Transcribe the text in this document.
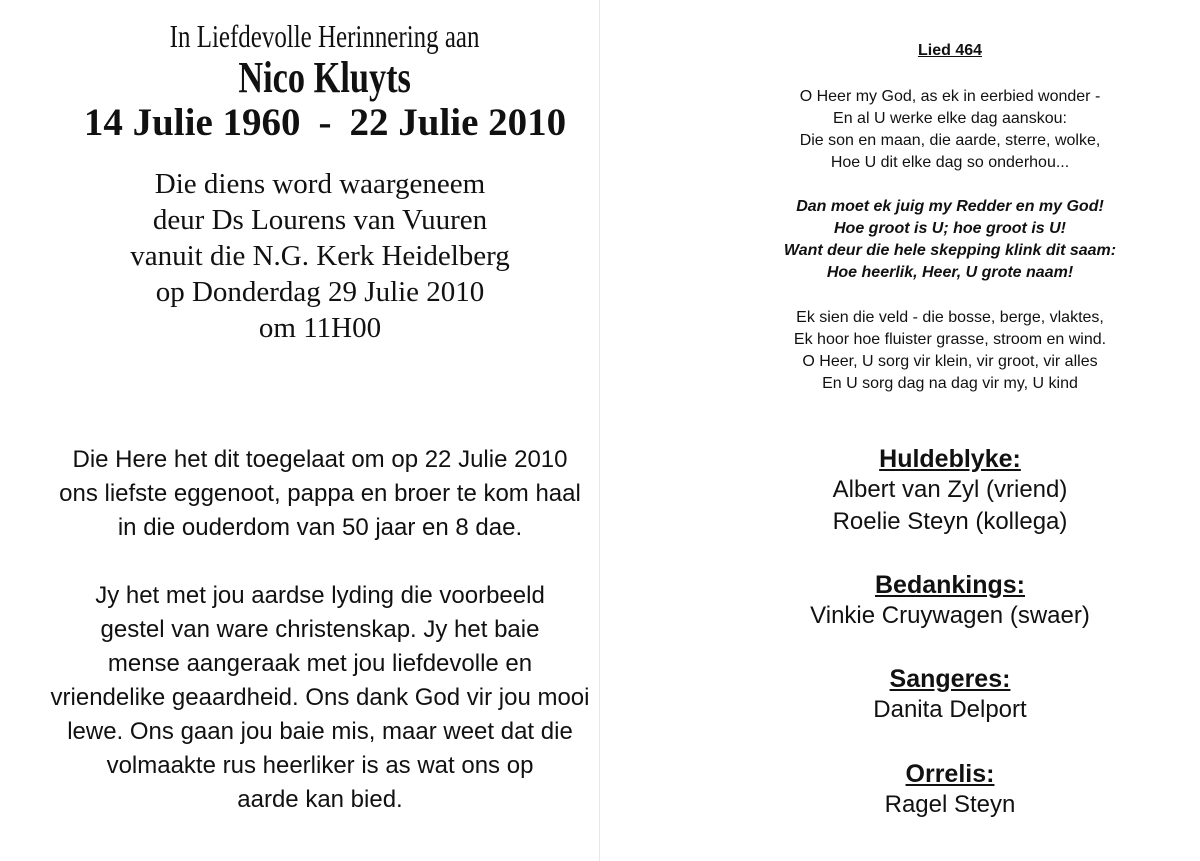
In Liefdevolle Herinnering aan
Nico Kluyts
14 Julie 1960 - 22 Julie 2010
Die diens word waargeneem
deur Ds Lourens van Vuuren
vanuit die N.G. Kerk Heidelberg
op Donderdag 29 Julie 2010
om 11H00
Die Here het dit toegelaat om op 22 Julie 2010
ons liefste eggenoot, pappa en broer te kom haal
in die ouderdom van 50 jaar en 8 dae.
Jy het met jou aardse lyding die voorbeeld
gestel van ware christenskap. Jy het baie
mense aangeraak met jou liefdevolle en
vriendelike geaardheid. Ons dank God vir jou mooi
lewe. Ons gaan jou baie mis, maar weet dat die
volmaakte rus heerliker is as wat ons op
aarde kan bied.
Lied 464
O Heer my God, as ek in eerbied wonder -
En al U werke elke dag aanskou:
Die son en maan, die aarde, sterre, wolke,
Hoe U dit elke dag so onderhou...
Dan moet ek juig my Redder en my God!
Hoe groot is U; hoe groot is U!
Want deur die hele skepping klink dit saam:
Hoe heerlik, Heer, U grote naam!
Ek sien die veld - die bosse, berge, vlaktes,
Ek hoor hoe fluister grasse, stroom en wind.
O Heer, U sorg vir klein, vir groot, vir alles
En U sorg dag na dag vir my, U kind
Huldeblyke:
Albert van Zyl (vriend)
Roelie Steyn (kollega)
Bedankings:
Vinkie Cruywagen (swaer)
Sangeres:
Danita Delport
Orrelis:
Ragel Steyn
